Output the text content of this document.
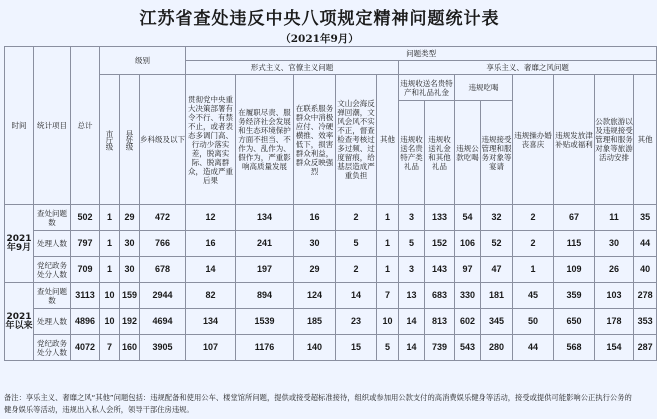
江苏省查处违反中央八项规定精神问题统计表
（2021年9月）
时间	统计项目	总计	级别			问题类型												
						形式主义、官僚主义问题					享乐主义、奢靡之风问题							

			市厅级	县处级	乡科级及以下	贯彻党中央重大决策部署有令不行、有禁不止，或者表态多调门高、行动少落实差，脱离实际、脱离群众，造成严重后果	在履职尽责、服务经济社会发展和生态环境保护方面不担当、不作为、乱作为、假作为，严重影响高质量发展	在联系服务群众中消极应付、冷硬横推、效率低下，损害群众利益，群众反映强烈	文山会海反弹回潮，文风会风不实不正，督查检查考核过多过频、过度留痕，给基层造成严重负担	其他	违规收送名贵特产和礼品礼金		违规吃喝		违规操办婚丧喜庆	违规发放津补贴或福利	公款旅游以及违规接受管理和服务对象等旅游活动安排	其他
											违规收送名贵特产类礼品	违规收送礼金和其他礼品	违规公款吃喝	违规接受管理和服务对象等宴请				
2021年9月	查处问题数	502	1	29	472	12	134	16	2	1	3	133	54	32	2	67	11	35
	处理人数	797	1	30	766	16	241	30	5	1	5	152	106	52	2	115	30	44
	党纪政务处分人数	709	1	30	678	14	197	29	2	1	3	143	97	47	1	109	26	40
2021年以来	查处问题数	3113	10	159	2944	82	894	124	14	7	13	683	330	181	45	359	103	278
	处理人数	4896	10	192	4694	134	1539	185	23	10	14	813	602	345	50	650	178	353
	党纪政务处分人数	4072	7	160	3905	107	1176	140	15	5	14	739	543	280	44	568	154	287
备注：享乐主义、奢靡之风“其他”问题包括：违规配备和使用公车、楼堂馆所问题，提供或接受超标准接待，组织或参加用公款支付的高消费娱乐健身等活动，接受或提供可能影响公正执行公务的健身娱乐等活动，违规出入私人会所，领导干部住房违规。
